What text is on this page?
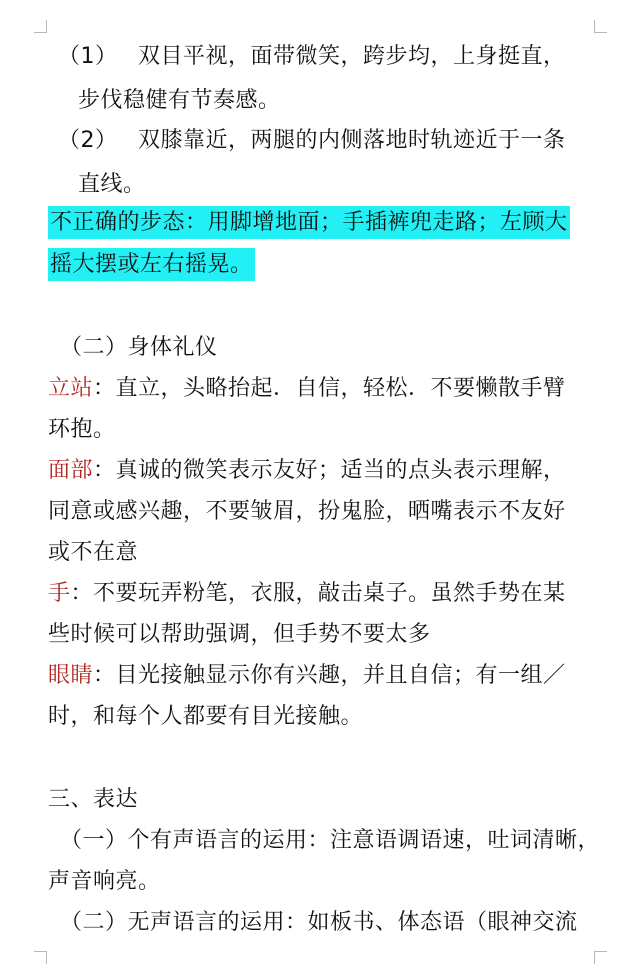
（1） 双目平视，面带微笑，跨步均，上身挺直，
步伐稳健有节奏感。
（2） 双膝靠近，两腿的内侧落地时轨迹近于一条
直线。
不正确的步态：用脚增地面；手插裤兜走路；左顾大
摇大摆或左右摇晃。
（二）身体礼仪
立站：直立，头略抬起．自信，轻松．不要懒散手臂
环抱。
面部：真诚的微笑表示友好；适当的点头表示理解，
同意或感兴趣，不要皱眉，扮鬼脸，晒嘴表示不友好
或不在意
手：不要玩弄粉笔，衣服，敲击桌子。虽然手势在某
些时候可以帮助强调，但手势不要太多
眼睛：目光接触显示你有兴趣，并且自信；有一组／
时，和每个人都要有目光接触。
三、表达
（一）个有声语言的运用：注意语调语速，吐词清晰，
声音响亮。
（二）无声语言的运用：如板书、体态语（眼神交流
